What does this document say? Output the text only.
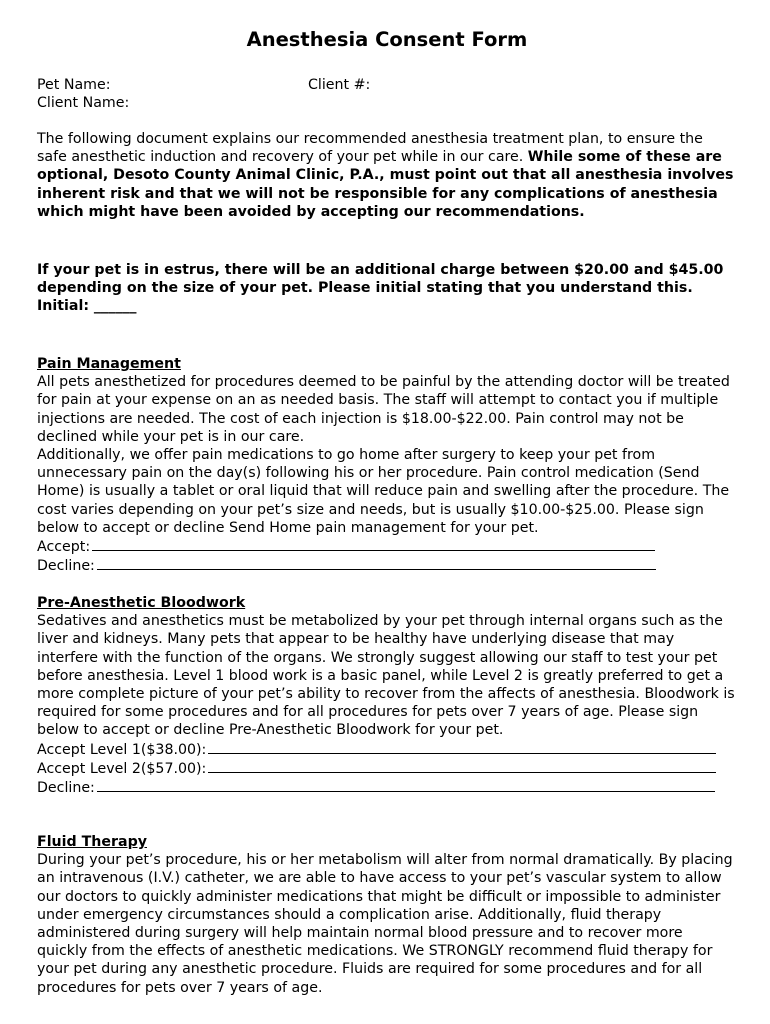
Anesthesia Consent Form
Pet Name:	Client #:
Client Name:

The following document explains our recommended anesthesia treatment plan, to ensure the safe anesthetic induction and recovery of your pet while in our care. While some of these are optional, Desoto County Animal Clinic, P.A., must point out that all anesthesia involves inherent risk and that we will not be responsible for any complications of anesthesia which might have been avoided by accepting our recommendations.

If your pet is in estrus, there will be an additional charge between $20.00 and $45.00 depending on the size of your pet. Please initial stating that you understand this.

Initial: ______

Pain Management

All pets anesthetized for procedures deemed to be painful by the attending doctor will be treated for pain at your expense on an as needed basis. The staff will attempt to contact you if multiple injections are needed. The cost of each injection is $18.00-$22.00. Pain control may not be declined while your pet is in our care.

Additionally, we offer pain medications to go home after surgery to keep your pet from unnecessary pain on the day(s) following his or her procedure. Pain control medication (Send Home) is usually a tablet or oral liquid that will reduce pain and swelling after the procedure. The cost varies depending on your pet’s size and needs, but is usually $10.00-$25.00. Please sign below to accept or decline Send Home pain management for your pet.

Accept:
Decline:

Pre-Anesthetic Bloodwork

Sedatives and anesthetics must be metabolized by your pet through internal organs such as the liver and kidneys. Many pets that appear to be healthy have underlying disease that may interfere with the function of the organs. We strongly suggest allowing our staff to test your pet before anesthesia. Level 1 blood work is a basic panel, while Level 2 is greatly preferred to get a more complete picture of your pet’s ability to recover from the affects of anesthesia. Bloodwork is required for some procedures and for all procedures for pets over 7 years of age. Please sign below to accept or decline Pre-Anesthetic Bloodwork for your pet.

Accept Level 1($38.00):
Accept Level 2($57.00):
Decline:

Fluid Therapy

During your pet’s procedure, his or her metabolism will alter from normal dramatically. By placing an intravenous (I.V.) catheter, we are able to have access to your pet’s vascular system to allow our doctors to quickly administer medications that might be difficult or impossible to administer under emergency circumstances should a complication arise. Additionally, fluid therapy administered during surgery will help maintain normal blood pressure and to recover more quickly from the effects of anesthetic medications. We STRONGLY recommend fluid therapy for your pet during any anesthetic procedure. Fluids are required for some procedures and for all procedures for pets over 7 years of age.
